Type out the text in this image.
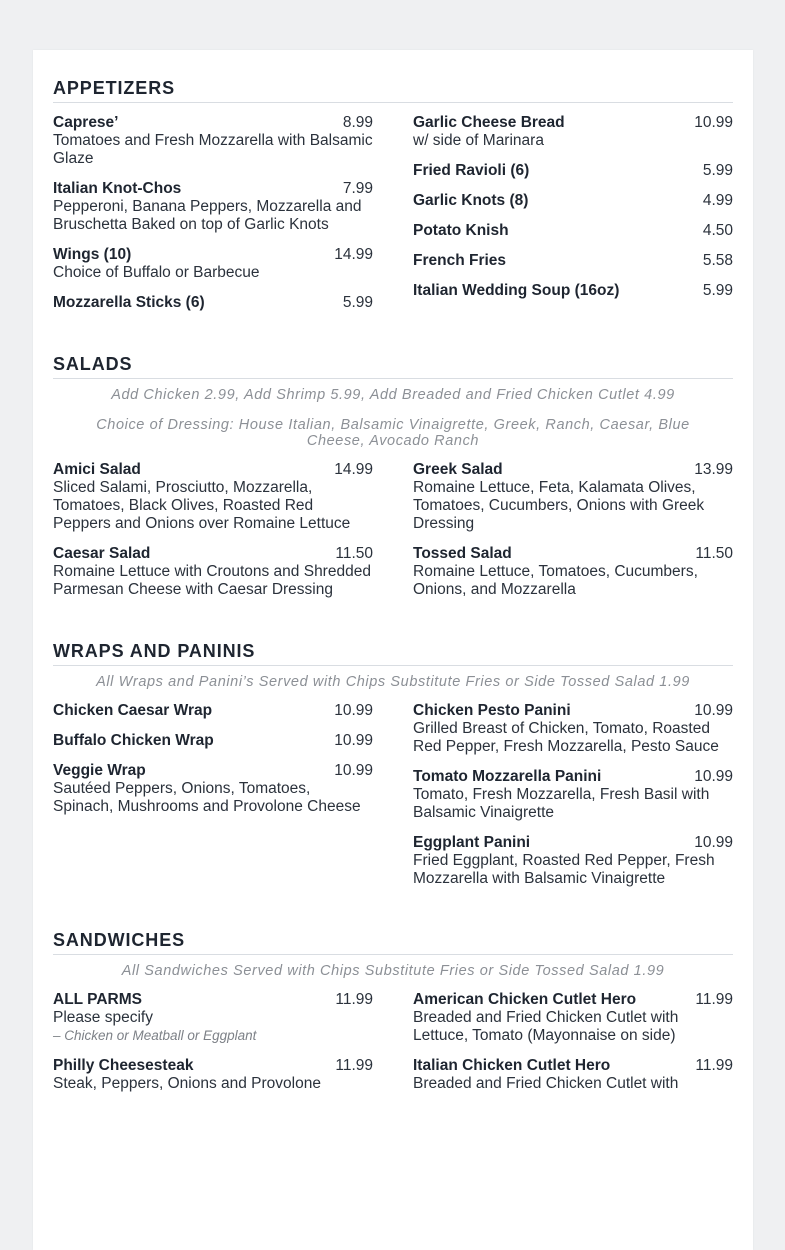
APPETIZERS
Caprese’	8.99
Tomatoes and Fresh Mozzarella with Balsamic Glaze
Italian Knot-Chos	7.99
Pepperoni, Banana Peppers, Mozzarella and Bruschetta Baked on top of Garlic Knots
Wings (10)	14.99
Choice of Buffalo or Barbecue
Mozzarella Sticks (6)	5.99
Garlic Cheese Bread	10.99
w/ side of Marinara
Fried Ravioli (6)	5.99
Garlic Knots (8)	4.99
Potato Knish	4.50
French Fries	5.58
Italian Wedding Soup (16oz)	5.99
SALADS
Add Chicken 2.99, Add Shrimp 5.99, Add Breaded and Fried Chicken Cutlet 4.99
Choice of Dressing: House Italian, Balsamic Vinaigrette, Greek, Ranch, Caesar, Blue Cheese, Avocado Ranch
Amici Salad	14.99
Sliced Salami, Prosciutto, Mozzarella, Tomatoes, Black Olives, Roasted Red Peppers and Onions over Romaine Lettuce
Caesar Salad	11.50
Romaine Lettuce with Croutons and Shredded Parmesan Cheese with Caesar Dressing
Greek Salad	13.99
Romaine Lettuce, Feta, Kalamata Olives, Tomatoes, Cucumbers, Onions with Greek Dressing
Tossed Salad	11.50
Romaine Lettuce, Tomatoes, Cucumbers, Onions, and Mozzarella
WRAPS AND PANINIS
All Wraps and Panini’s Served with Chips Substitute Fries or Side Tossed Salad 1.99
Chicken Caesar Wrap	10.99
Buffalo Chicken Wrap	10.99
Veggie Wrap	10.99
Sautéed Peppers, Onions, Tomatoes, Spinach, Mushrooms and Provolone Cheese
Chicken Pesto Panini	10.99
Grilled Breast of Chicken, Tomato, Roasted Red Pepper, Fresh Mozzarella, Pesto Sauce
Tomato Mozzarella Panini	10.99
Tomato, Fresh Mozzarella, Fresh Basil with Balsamic Vinaigrette
Eggplant Panini	10.99
Fried Eggplant, Roasted Red Pepper, Fresh Mozzarella with Balsamic Vinaigrette
SANDWICHES
All Sandwiches Served with Chips Substitute Fries or Side Tossed Salad 1.99
ALL PARMS	11.99
Please specify
– Chicken or Meatball or Eggplant
Philly Cheesesteak	11.99
Steak, Peppers, Onions and Provolone
American Chicken Cutlet Hero	11.99
Breaded and Fried Chicken Cutlet with Lettuce, Tomato (Mayonnaise on side)
Italian Chicken Cutlet Hero	11.99
Breaded and Fried Chicken Cutlet with
